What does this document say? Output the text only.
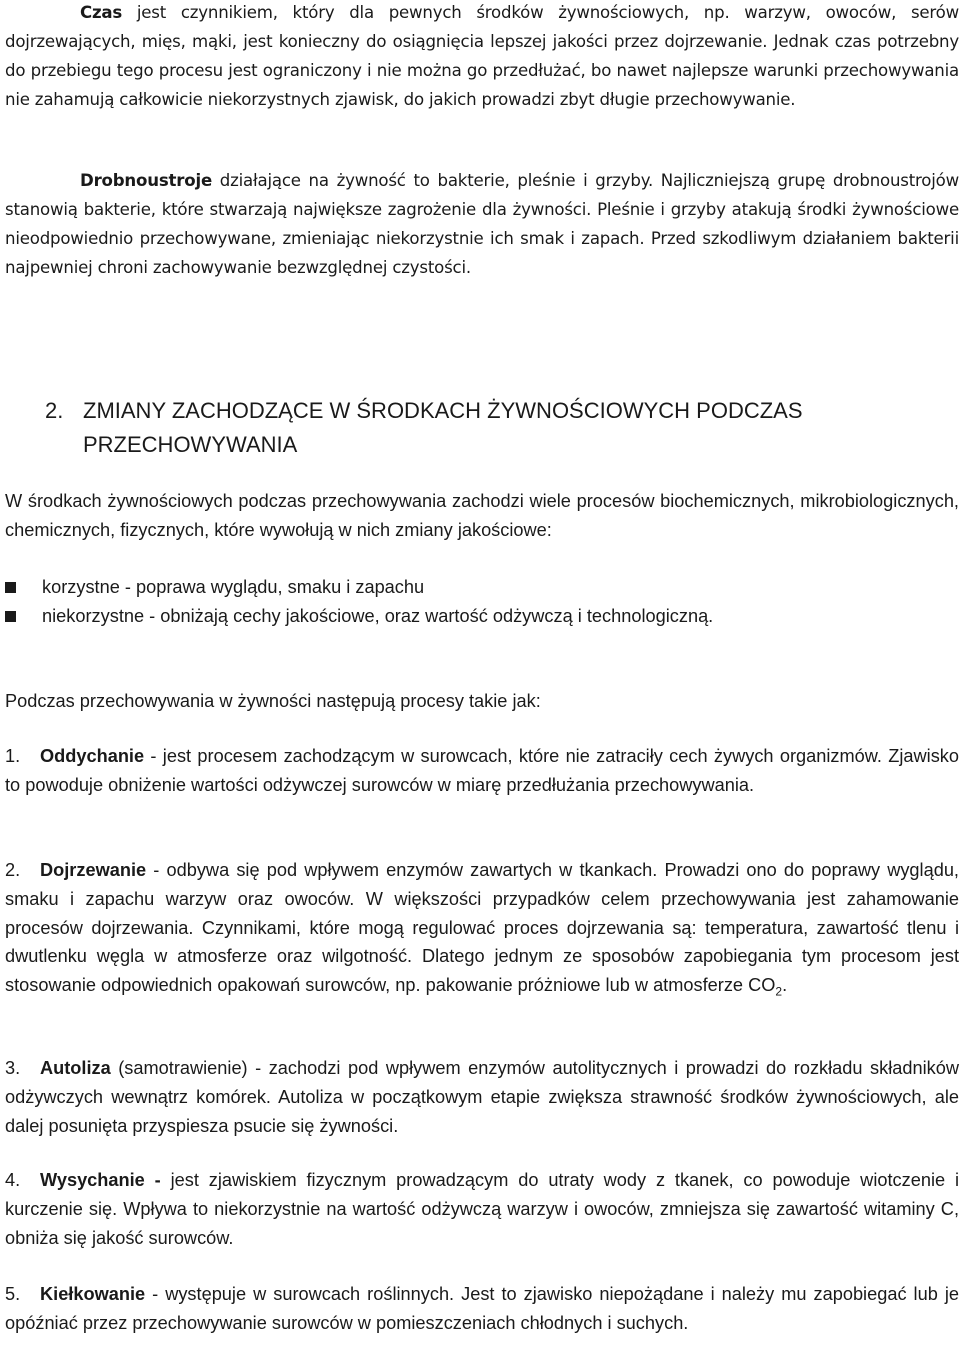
Czas jest czynnikiem, który dla pewnych środków żywnościowych, np. warzyw, owoców, serów dojrzewających, mięs, mąki, jest konieczny do osiągnięcia lepszej jakości przez dojrzewanie. Jednak czas potrzebny do przebiegu tego procesu jest ograniczony i nie można go przedłużać, bo nawet najlepsze warunki przechowywania nie zahamują całkowicie niekorzystnych zjawisk, do jakich prowadzi zbyt długie przechowywanie.

Drobnoustroje działające na żywność to bakterie, pleśnie i grzyby. Najliczniejszą grupę drobnoustrojów stanowią bakterie, które stwarzają największe zagrożenie dla żywności. Pleśnie i grzyby atakują środki żywnościowe nieodpowiednio przechowywane, zmieniając niekorzystnie ich smak i zapach. Przed szkodliwym działaniem bakterii najpewniej chroni zachowywanie bezwzględnej czystości.

2. ZMIANY ZACHODZĄCE W ŚRODKACH ŻYWNOŚCIOWYCH PODCZAS
PRZECHOWYWANIA

W środkach żywnościowych podczas przechowywania zachodzi wiele procesów biochemicznych, mikrobiologicznych, chemicznych, fizycznych, które wywołują w nich zmiany jakościowe:

korzystne - poprawa wyglądu, smaku i zapachu
niekorzystne - obniżają cechy jakościowe, oraz wartość odżywczą i technologiczną.

Podczas przechowywania w żywności następują procesy takie jak:

1. Oddychanie - jest procesem zachodzącym w surowcach, które nie zatraciły cech żywych organizmów. Zjawisko to powoduje obniżenie wartości odżywczej surowców w miarę przedłużania przechowywania.

2. Dojrzewanie - odbywa się pod wpływem enzymów zawartych w tkankach. Prowadzi ono do poprawy wyglądu, smaku i zapachu warzyw oraz owoców. W większości przypadków celem przechowywania jest zahamowanie procesów dojrzewania. Czynnikami, które mogą regulować proces dojrzewania są: temperatura, zawartość tlenu i dwutlenku węgla w atmosferze oraz wilgotność. Dlatego jednym ze sposobów zapobiegania tym procesom jest stosowanie odpowiednich opakowań surowców, np. pakowanie próżniowe lub w atmosferze $CO_2$.

3. Autoliza (samotrawienie) - zachodzi pod wpływem enzymów autolitycznych i prowadzi do rozkładu składników odżywczych wewnątrz komórek. Autoliza w początkowym etapie zwiększa strawność środków żywnościowych, ale dalej posunięta przyspiesza psucie się żywności.

4. Wysychanie - jest zjawiskiem fizycznym prowadzącym do utraty wody z tkanek, co powoduje wiotczenie i kurczenie się. Wpływa to niekorzystnie na wartość odżywczą warzyw i owoców, zmniejsza się zawartość witaminy C, obniża się jakość surowców.

5. Kiełkowanie - występuje w surowcach roślinnych. Jest to zjawisko niepożądane i należy mu zapobiegać lub je opóźniać przez przechowywanie surowców w pomieszczeniach chłodnych i suchych.
